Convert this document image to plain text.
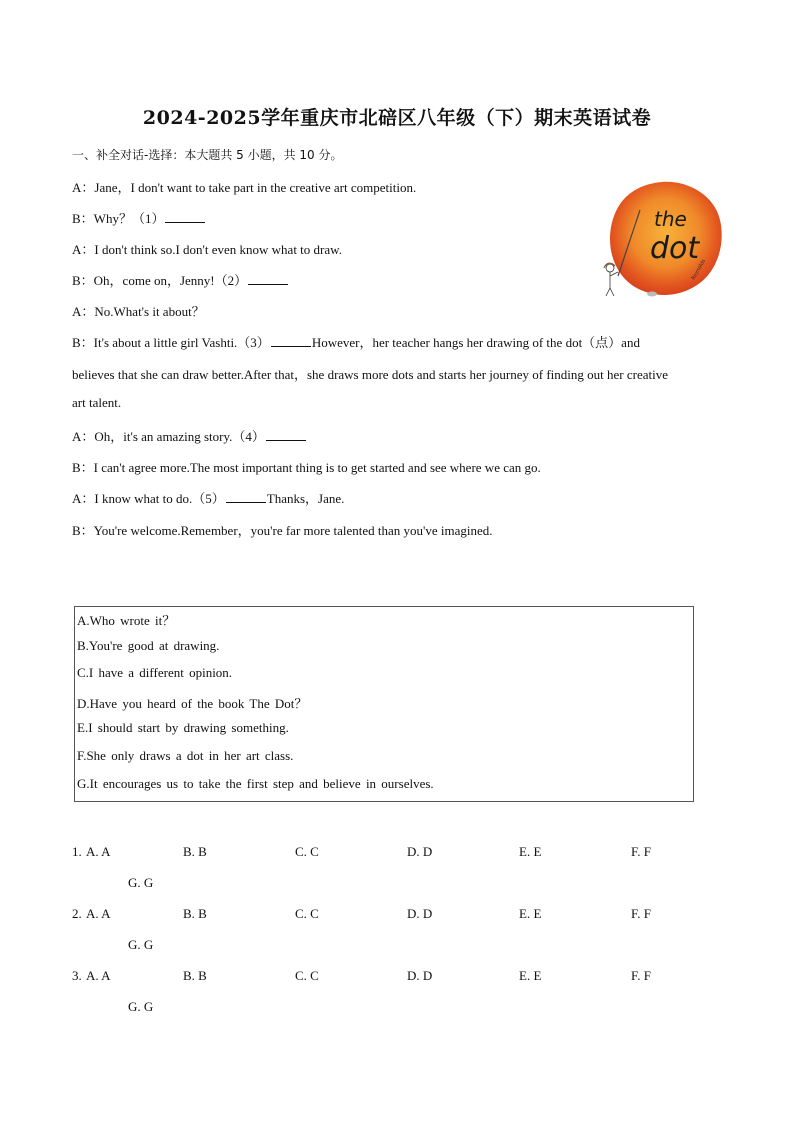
2024-2025学年重庆市北碚区八年级（下）期末英语试卷
一、补全对话-选择：本大题共 5 小题，共 10 分。
A：Jane，I don't want to take part in the creative art competition.
B：Why？（1）
A：I don't think so.I don't even know what to draw.
B：Oh，come on，Jenny!（2）
A：No.What's it about？
B：It's about a little girl Vashti.（3）	However，her teacher hangs her drawing of the dot（点）and
believes that she can draw better.After that，she draws more dots and starts her journey of finding out her creative
art talent.
A：Oh，it's an amazing story.（4）
B：I can't agree more.The most important thing is to get started and see where we can go.
A：I know what to do.（5）	Thanks，Jane.
B：You're welcome.Remember，you're far more talented than you've imagined.
the
dot
Reynolds
A.Who wrote it？
B.You're good at drawing.
C.I have a different opinion.
D.Have you heard of the book The Dot？
E.I should start by drawing something.
F.She only draws a dot in her art class.
G.It encourages us to take the first step and believe in ourselves.
1. A. A	B. B	C. C	D. D	E. E	F. F
G. G
2. A. A	B. B	C. C	D. D	E. E	F. F
G. G
3. A. A	B. B	C. C	D. D	E. E	F. F
G. G
